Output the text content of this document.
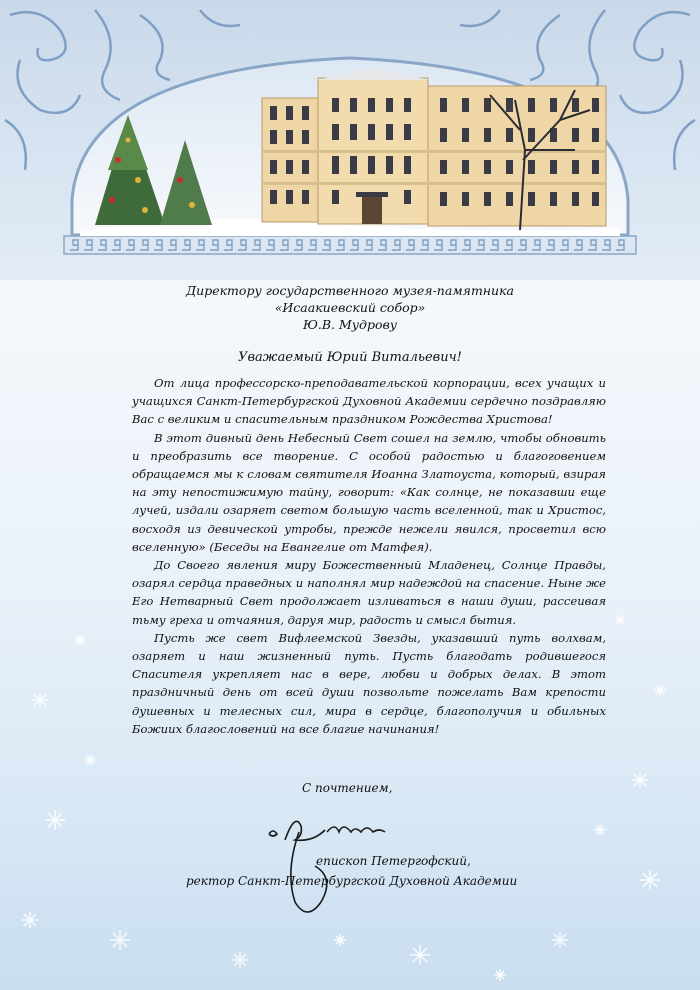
Директору государственного музея-памятника
«Исаакиевский собор»
Ю.В. Мудрову
Уважаемый Юрий Витальевич!

От лица профессорско-преподавательской корпорации, всех учащих и учащихся Санкт-Петербургской Духовной Академии сердечно поздравляю Вас с великим и спасительным праздником Рождества Христова!

В этот дивный день Небесный Свет сошел на землю, чтобы обновить и преобразить все творение. С особой радостью и благоговением обращаемся мы к словам святителя Иоанна Златоуста, который, взирая на эту непостижимую тайну, говорит: «Как солнце, не показавши еще лучей, издали озаряет светом большую часть вселенной, так и Христос, восходя из девической утробы, прежде нежели явился, просветил всю вселенную» (Беседы на Евангелие от Матфея).

До Своего явления миру Божественный Младенец, Солнце Правды, озарял сердца праведных и наполнял мир надеждой на спасение. Ныне же Его Нетварный Свет продолжает изливаться в наши души, рассеивая тьму греха и отчаяния, даруя мир, радость и смысл бытия.

Пусть же свет Вифлеемской Звезды, указавший путь волхвам, озаряет и наш жизненный путь. Пусть благодать родившегося Спасителя укрепляет нас в вере, любви и добрых делах. В этот праздничный день от всей души позвольте пожелать Вам крепости душевных и телесных сил, мира в сердце, благополучия и обильных Божиих благословений на все благие начинания!

С почтением,
епископ Петергофский,
ректор Санкт-Петербургской Духовной Академии
